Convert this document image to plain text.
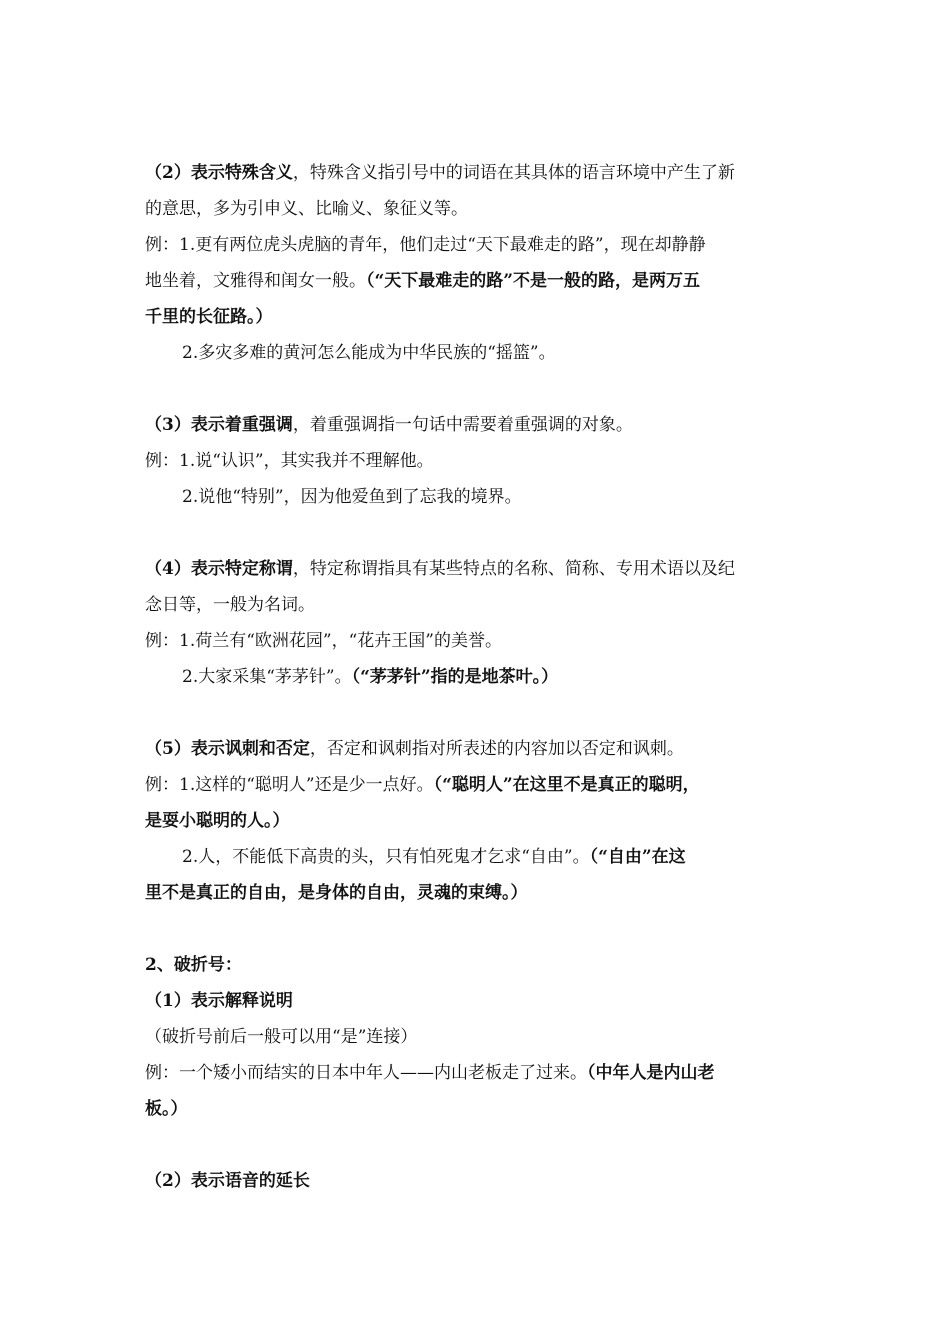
（2）表示特殊含义，特殊含义指引号中的词语在其具体的语言环境中产生了新
的意思，多为引申义、比喻义、象征义等。
例：1.更有两位虎头虎脑的青年，他们走过“天下最难走的路”，现在却静静
地坐着，文雅得和闺女一般。（“天下最难走的路”不是一般的路，是两万五
千里的长征路。）
2.多灾多难的黄河怎么能成为中华民族的“摇篮”。
（3）表示着重强调，着重强调指一句话中需要着重强调的对象。
例：1.说“认识”，其实我并不理解他。
2.说他“特别”，因为他爱鱼到了忘我的境界。
（4）表示特定称谓，特定称谓指具有某些特点的名称、简称、专用术语以及纪
念日等，一般为名词。
例：1.荷兰有“欧洲花园”，“花卉王国”的美誉。
2.大家采集“茅茅针”。（“茅茅针”指的是地茶叶。）
（5）表示讽刺和否定，否定和讽刺指对所表述的内容加以否定和讽刺。
例：1.这样的“聪明人”还是少一点好。（“聪明人”在这里不是真正的聪明，
是耍小聪明的人。）
2.人，不能低下高贵的头，只有怕死鬼才乞求“自由”。（“自由”在这
里不是真正的自由，是身体的自由，灵魂的束缚。）
2、破折号：
（1）表示解释说明
（破折号前后一般可以用“是”连接）
例：一个矮小而结实的日本中年人——内山老板走了过来。（中年人是内山老
板。）
（2）表示语音的延长
